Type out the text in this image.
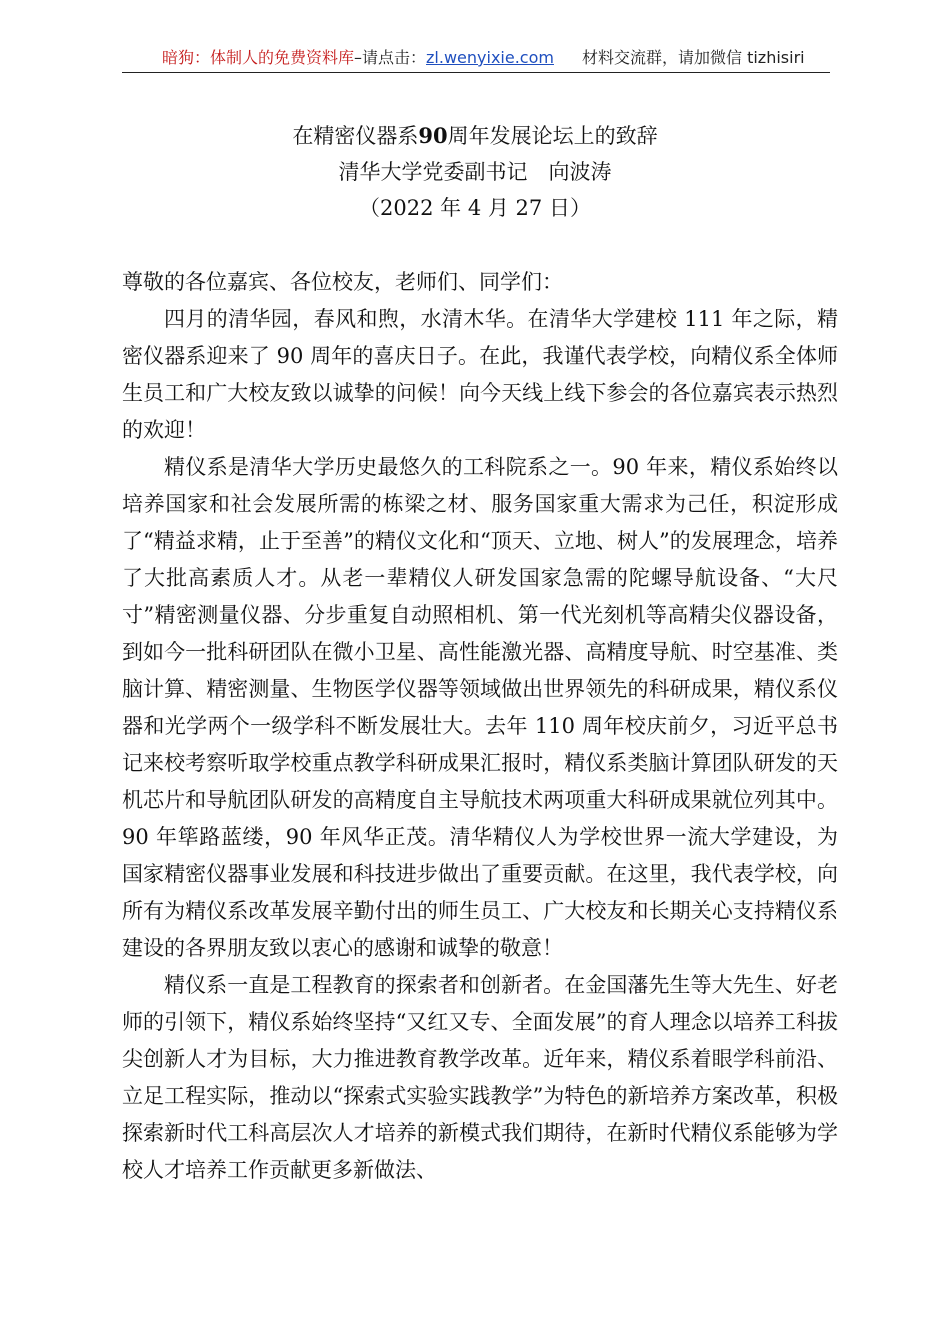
暗狗：体制人的免费资料库–请点击：zl.wenyixie.com 材料交流群，请加微信 tizhisiri
在精密仪器系90周年发展论坛上的致辞
清华大学党委副书记　向波涛
（2022 年 4 月 27 日）

尊敬的各位嘉宾、各位校友，老师们、同学们：

四月的清华园，春风和煦，水清木华。在清华大学建校 111 年之际，精密仪器系迎来了 90 周年的喜庆日子。在此，我谨代表学校，向精仪系全体师生员工和广大校友致以诚挚的问候！向今天线上线下参会的各位嘉宾表示热烈的欢迎！

精仪系是清华大学历史最悠久的工科院系之一。90 年来，精仪系始终以培养国家和社会发展所需的栋梁之材、服务国家重大需求为己任，积淀形成了“精益求精，止于至善”的精仪文化和“顶天、立地、树人”的发展理念，培养了大批高素质人才。从老一辈精仪人研发国家急需的陀螺导航设备、“大尺寸”精密测量仪器、分步重复自动照相机、第一代光刻机等高精尖仪器设备，到如今一批科研团队在微小卫星、高性能激光器、高精度导航、时空基准、类脑计算、精密测量、生物医学仪器等领域做出世界领先的科研成果，精仪系仪器和光学两个一级学科不断发展壮大。去年 110 周年校庆前夕，习近平总书记来校考察听取学校重点教学科研成果汇报时，精仪系类脑计算团队研发的天机芯片和导航团队研发的高精度自主导航技术两项重大科研成果就位列其中。90 年筚路蓝缕，90 年风华正茂。清华精仪人为学校世界一流大学建设，为国家精密仪器事业发展和科技进步做出了重要贡献。在这里，我代表学校，向所有为精仪系改革发展辛勤付出的师生员工、广大校友和长期关心支持精仪系建设的各界朋友致以衷心的感谢和诚挚的敬意！

精仪系一直是工程教育的探索者和创新者。在金国藩先生等大先生、好老师的引领下，精仪系始终坚持“又红又专、全面发展”的育人理念以培养工科拔尖创新人才为目标，大力推进教育教学改革。近年来，精仪系着眼学科前沿、立足工程实际，推动以“探索式实验实践教学”为特色的新培养方案改革，积极探索新时代工科高层次人才培养的新模式我们期待，在新时代精仪系能够为学校人才培养工作贡献更多新做法、
